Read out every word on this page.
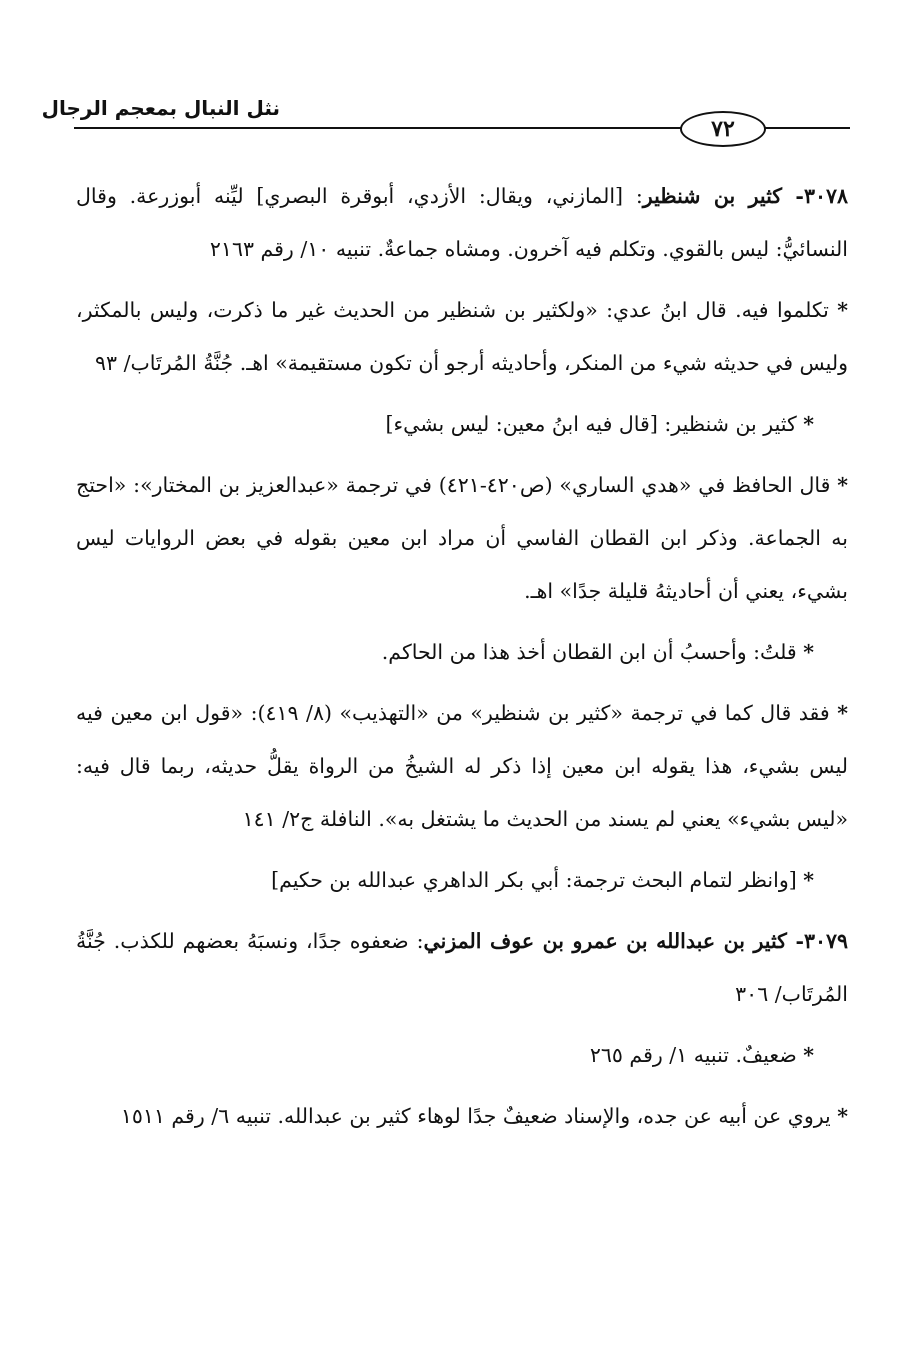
نثل النبال بمعجم الرجال
٧٢

٣٠٧٨- كثير بن شنظير: [المازني، ويقال: الأزدي، أبوقرة البصري] ليِّنه أبوزرعة. وقال النسائيُّ: ليس بالقوي. وتكلم فيه آخرون. ومشاه جماعةٌ. تنبيه ١٠/ رقم ٢١٦٣

* تكلموا فيه. قال ابنُ عدي: «ولكثير بن شنظير من الحديث غير ما ذكرت، وليس بالمكثر، وليس في حديثه شيء من المنكر، وأحاديثه أرجو أن تكون مستقيمة» اهـ. جُنَّةُ المُرتَاب/ ٩٣

* كثير بن شنظير: [قال فيه ابنُ معين: ليس بشيء]

* قال الحافظ في «هدي الساري» (ص٤٢٠-٤٢١) في ترجمة «عبدالعزيز بن المختار»: «احتج به الجماعة. وذكر ابن القطان الفاسي أن مراد ابن معين بقوله في بعض الروايات ليس بشيء، يعني أن أحاديثهُ قليلة جدًا» اهـ.

* قلتُ: وأحسبُ أن ابن القطان أخذ هذا من الحاكم.

* فقد قال كما في ترجمة «كثير بن شنظير» من «التهذيب» (٨/ ٤١٩): «قول ابن معين فيه ليس بشيء، هذا يقوله ابن معين إذا ذكر له الشيخُ من الرواة يقلُّ حديثه، ربما قال فيه: «ليس بشيء» يعني لم يسند من الحديث ما يشتغل به». النافلة ج٢/ ١٤١

* [وانظر لتمام البحث ترجمة: أبي بكر الداهري عبدالله بن حكيم]

٣٠٧٩- كثير بن عبدالله بن عمرو بن عوف المزني: ضعفوه جدًا، ونسبَهُ بعضهم للكذب. جُنَّةُ المُرتَاب/ ٣٠٦

* ضعيفٌ. تنبيه ١/ رقم ٢٦٥

* يروي عن أبيه عن جده، والإسناد ضعيفٌ جدًا لوهاء كثير بن عبدالله. تنبيه ٦/ رقم ١٥١١
